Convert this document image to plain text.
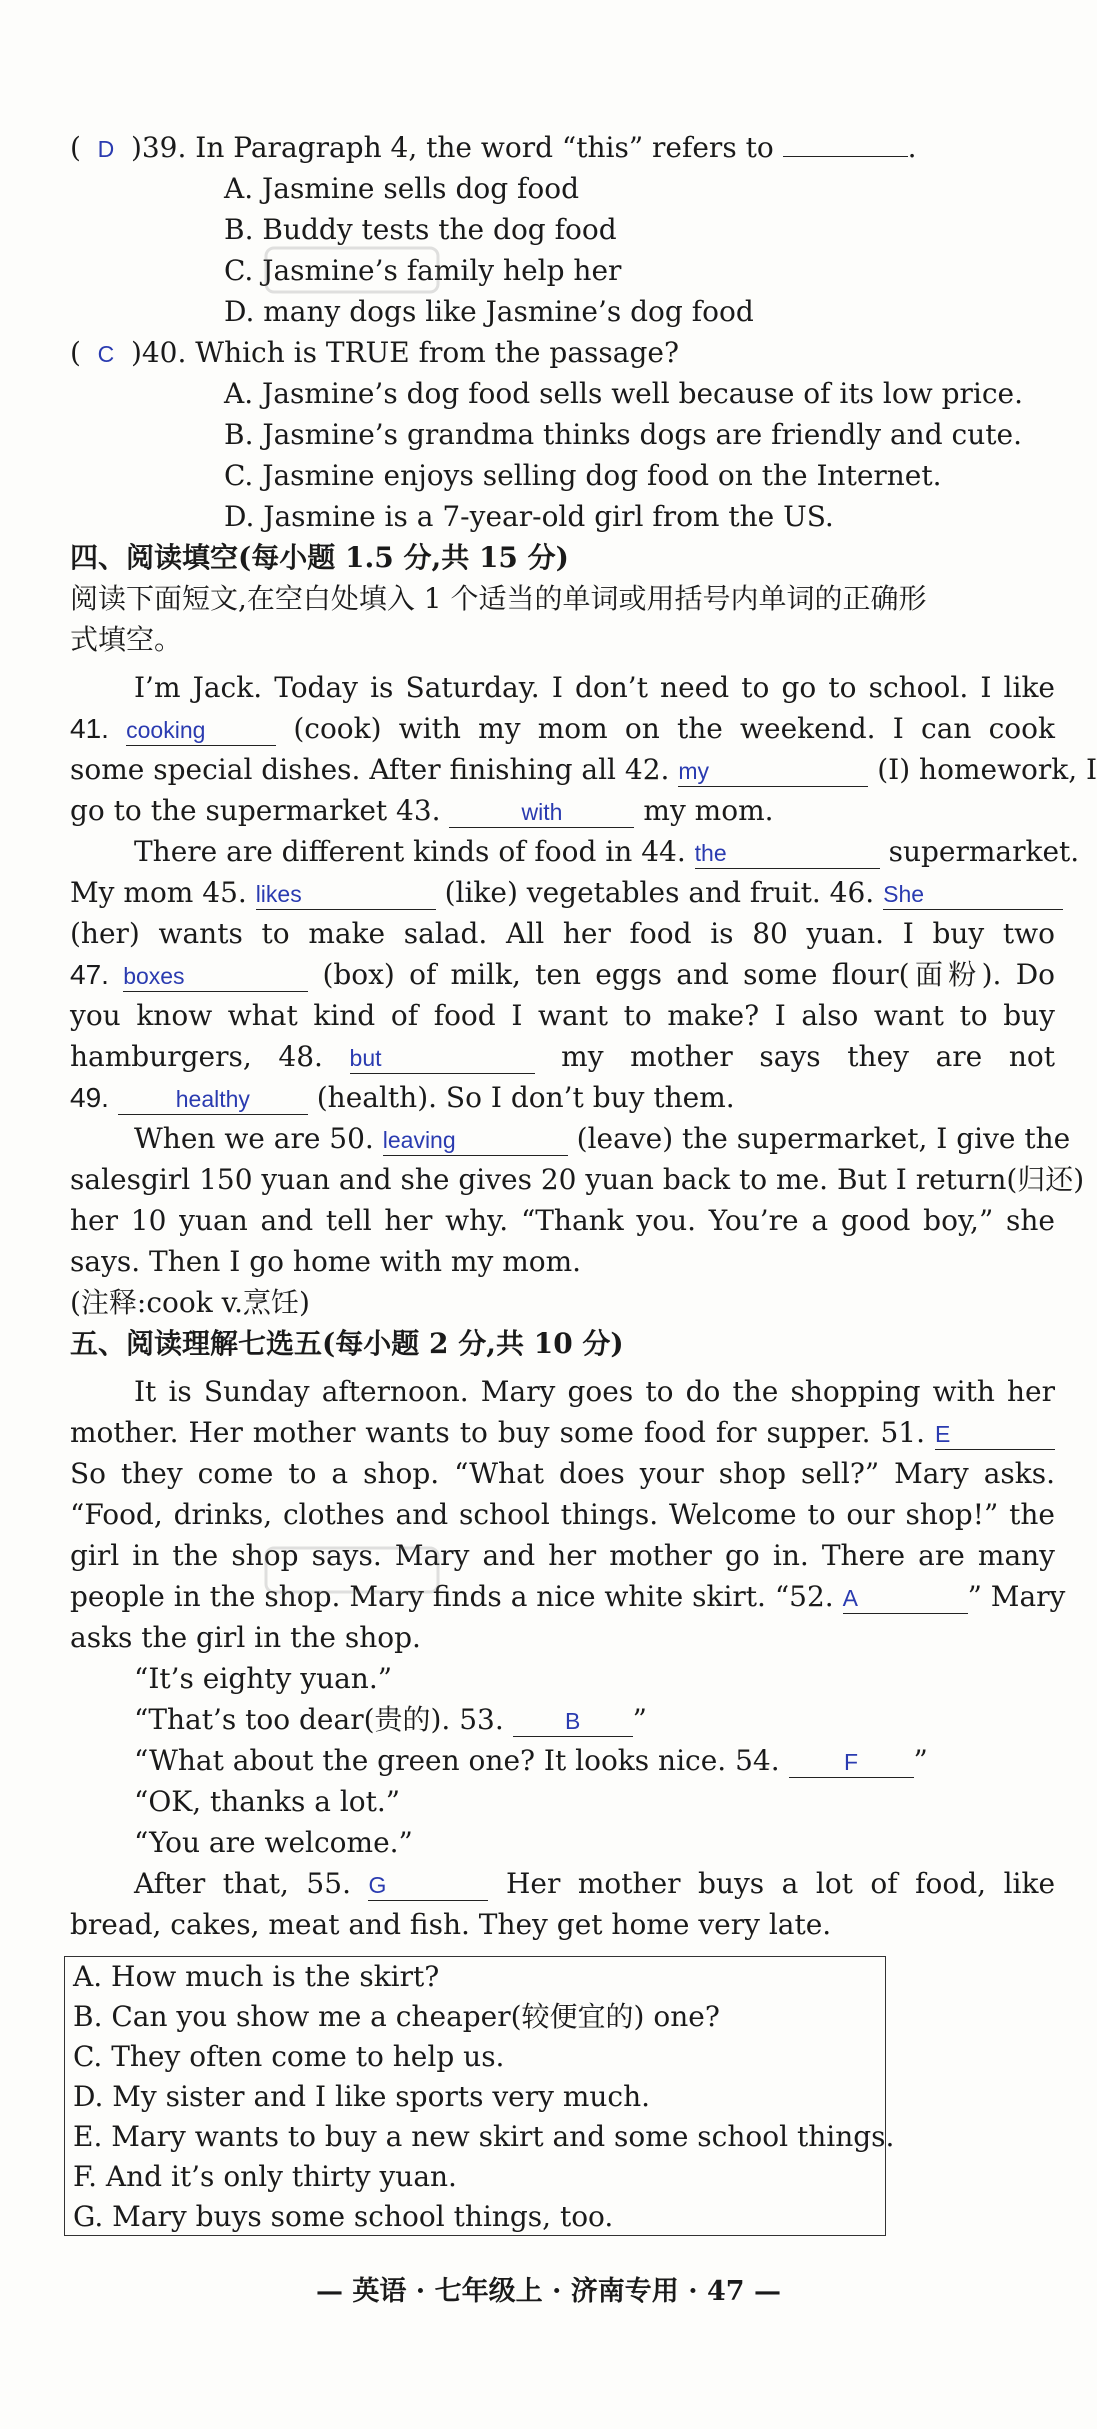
( D )39. In Paragraph 4, the word “this” refers to	.
A. Jasmine sells dog food
B. Buddy tests the dog food
C. Jasmine’s family help her
D. many dogs like Jasmine’s dog food
( C )40. Which is TRUE from the passage?
A. Jasmine’s dog food sells well because of its low price.
B. Jasmine’s grandma thinks dogs are friendly and cute.
C. Jasmine enjoys selling dog food on the Internet.
D. Jasmine is a 7-year-old girl from the US.
四、阅读填空(每小题 1.5 分,共 15 分)
阅读下面短文,在空白处填入 1 个适当的单词或用括号内单词的正确形
式填空。
I’m Jack. Today is Saturday. I don’t need to go to school. I like
41. cooking	(cook) with my mom on the weekend. I can cook
some special dishes. After finishing all 42. my	(I) homework, I
go to the supermarket 43.	with	my mom.
There are different kinds of food in 44. the	supermarket.
My mom 45. likes	(like) vegetables and fruit. 46. She
(her) wants to make salad. All her food is 80 yuan. I buy two
47. boxes	(box) of milk, ten eggs and some flour(面粉). Do
you know what kind of food I want to make? I also want to buy
hamburgers, 48. but	my mother says they are not
49.	healthy (health). So I don’t buy them.
When we are 50. leaving	(leave) the supermarket, I give the
salesgirl 150 yuan and she gives 20 yuan back to me. But I return(归还)
her 10 yuan and tell her why. “Thank you. You’re a good boy,” she
says. Then I go home with my mom.
(注释:cook v.烹饪)
五、阅读理解七选五(每小题 2 分,共 10 分)
It is Sunday afternoon. Mary goes to do the shopping with her
mother. Her mother wants to buy some food for supper. 51. E
So they come to a shop. “What does your shop sell?” Mary asks.
“Food, drinks, clothes and school things. Welcome to our shop!” the
girl in the shop says. Mary and her mother go in. There are many
people in the shop. Mary finds a nice white skirt. “52. A	” Mary
asks the girl in the shop.
“It’s eighty yuan.”
“That’s too dear(贵的). 53.	B ”
“What about the green one? It looks nice. 54.	F ”
“OK, thanks a lot.”
“You are welcome.”
After that, 55. G	Her mother buys a lot of food, like
bread, cakes, meat and fish. They get home very late.
A. How much is the skirt?
B. Can you show me a cheaper(较便宜的) one?
C. They often come to help us.
D. My sister and I like sports very much.
E. Mary wants to buy a new skirt and some school things.
F. And it’s only thirty yuan.
G. Mary buys some school things, too.
— 英语 · 七年级上 · 济南专用 · 47 —
